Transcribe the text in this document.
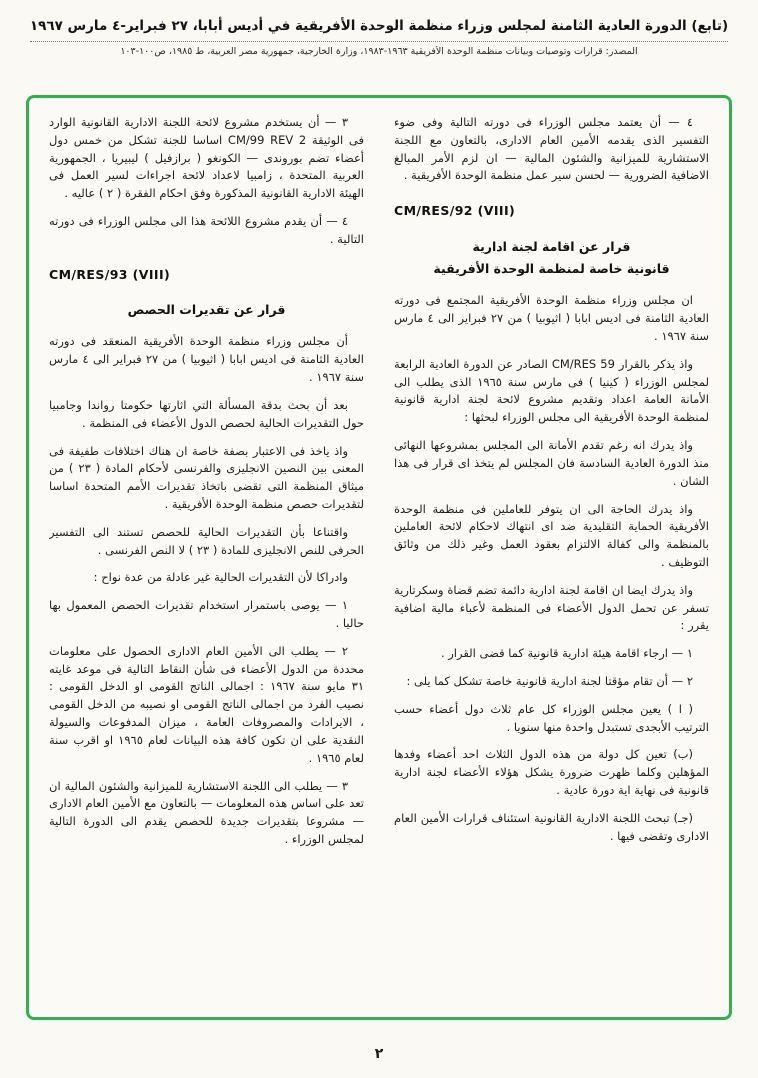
(تابع) الدورة العادية الثامنة لمجلس وزراء منظمة الوحدة الأفريقية في أديس أبابا، ٢٧ فبراير-٤ مارس ١٩٦٧
المصدر: قرارات وتوصيات وبيانات منظمة الوحدة الأفريقية ١٩٦٣-١٩٨٣، وزارة الخارجية، جمهورية مصر العربية، ط ١٩٨٥، ص١٠٠-١٠٣

٤ — أن يعتمد مجلس الوزراء فى دورته التالية وفى ضوء التفسير الذى يقدمه الأمين العام الادارى، بالتعاون مع اللجنة الاستشارية للميزانية والشئون المالية — ان لزم الأمر المبالغ الاضافية الضرورية — لحسن سير عمل منظمة الوحدة الأفريقية .

CM/RES/92 (VIII)
قرار عن اقامة لجنة ادارية
قانونية خاصة لمنظمة الوحدة الأفريقية

ان مجلس وزراء منظمة الوحدة الأفريقية المجتمع فى دورته العادية الثامنة فى اديس ابابا ( اثيوبيا ) من ٢٧ فبراير الى ٤ مارس سنة ١٩٦٧ .

واذ يذكر بالقرار CM/RES 59 الصادر عن الدورة العادية الرابعة لمجلس الوزراء ( كينيا ) فى مارس سنة ١٩٦٥ الذى يطلب الى الأمانة العامة اعداد وتقديم مشروع لائحة لجنة ادارية قانونية لمنظمة الوحدة الأفريقية الى مجلس الوزراء لبحثها :

واذ يدرك انه رغم تقدم الأمانة الى المجلس بمشروعها النهائى منذ الدورة العادية السادسة فان المجلس لم يتخذ اى قرار فى هذا الشان .

واذ يدرك الحاجة الى ان يتوفر للعاملين فى منظمة الوحدة الأفريقية الحماية التقليدية ضد اى انتهاك لاحكام لائحة العاملين بالمنظمة والى كفالة الالتزام بعقود العمل وغير ذلك من وثائق التوظيف .

واذ يدرك ايضا ان اقامة لجنة ادارية دائمة تضم قضاة وسكرتارية تسفر عن تحمل الدول الأعضاء فى المنظمة لأعباء مالية اضافية يقرر :

١ — ارجاء اقامة هيئة ادارية قانونية كما قضى القرار .

٢ — أن تقام مؤقتا لجنة ادارية قانونية خاصة تشكل كما يلى :

( ا ) يعين مجلس الوزراء كل عام ثلاث دول أعضاء حسب الترتيب الأبجدى تستبدل واحدة منها سنويا .

(ب) تعين كل دولة من هذه الدول الثلاث احد أعضاء وفدها المؤهلين وكلما ظهرت ضرورة يشكل هؤلاء الأعضاء لجنة ادارية قانونية فى نهاية اية دورة عادية .

(جـ) تبحث اللجنة الادارية القانونية استئناف قرارات الأمين العام الادارى وتقضى فيها .

٣ — أن يستخدم مشروع لائحة اللجنة الادارية القانونية الوارد فى الوثيقة CM/99 REV 2 اساسا للجنة تشكل من خمس دول أعضاء تضم بوروندى — الكونغو ( برازفيل ) ليبيريا ، الجمهورية العربية المتحدة ، زامبيا لاعداد لائحة اجراءات لسير العمل فى الهيئة الادارية القانونية المذكورة وفق احكام الفقرة ( ٢ ) عاليه .

٤ — أن يقدم مشروع اللائحة هذا الى مجلس الوزراء فى دورته التالية .

CM/RES/93 (VIII)
قرار عن تقديرات الحصص

أن مجلس وزراء منظمة الوحدة الأفريقية المنعقد فى دورته العادية الثامنة فى اديس ابابا ( اثيوبيا ) من ٢٧ فبراير الى ٤ مارس سنة ١٩٦٧ .

بعد أن بحث بدقة المسألة التي اثارتها حكومتا رواندا وجامبيا حول التقديرات الحالية لحصص الدول الأعضاء فى المنظمة .

واذ ياخذ فى الاعتبار بصفة خاصة ان هناك اختلافات طفيفة فى المعنى بين النصين الانجليزى والفرنسى لأحكام المادة ( ٢٣ ) من ميثاق المنظمة التى تقضى باتخاذ تقديرات الأمم المتحدة اساسا لتقديرات حصص منظمة الوحدة الأفريقية .

واقتناعا بأن التقديرات الحالية للحصص تستند الى التفسير الحرفى للنص الانجليزى للمادة ( ٢٣ ) لا النص الفرنسى .

وادراكا لأن التقديرات الحالية غير عادلة من عدة نواح :

١ — يوصى باستمرار استخدام تقديرات الحصص المعمول بها حاليا .

٢ — يطلب الى الأمين العام الادارى الحصول على معلومات محددة من الدول الأعضاء فى شأن النقاط التالية فى موعد غايته ٣١ مايو سنة ١٩٦٧ : اجمالى الناتج القومى او الدخل القومى : نصيب الفرد من اجمالى الناتج القومى او نصيبه من الدخل القومى ، الايرادات والمصروفات العامة ، ميزان المدفوعات والسيولة النقدية على ان تكون كافة هذه البيانات لعام ١٩٦٥ او اقرب سنة لعام ١٩٦٥ .

٣ — يطلب الى اللجنة الاستشارية للميزانية والشئون المالية ان تعد على اساس هذه المعلومات — بالتعاون مع الأمين العام الادارى — مشروعا بتقديرات جديدة للحصص يقدم الى الدورة التالية لمجلس الوزراء .

٢
